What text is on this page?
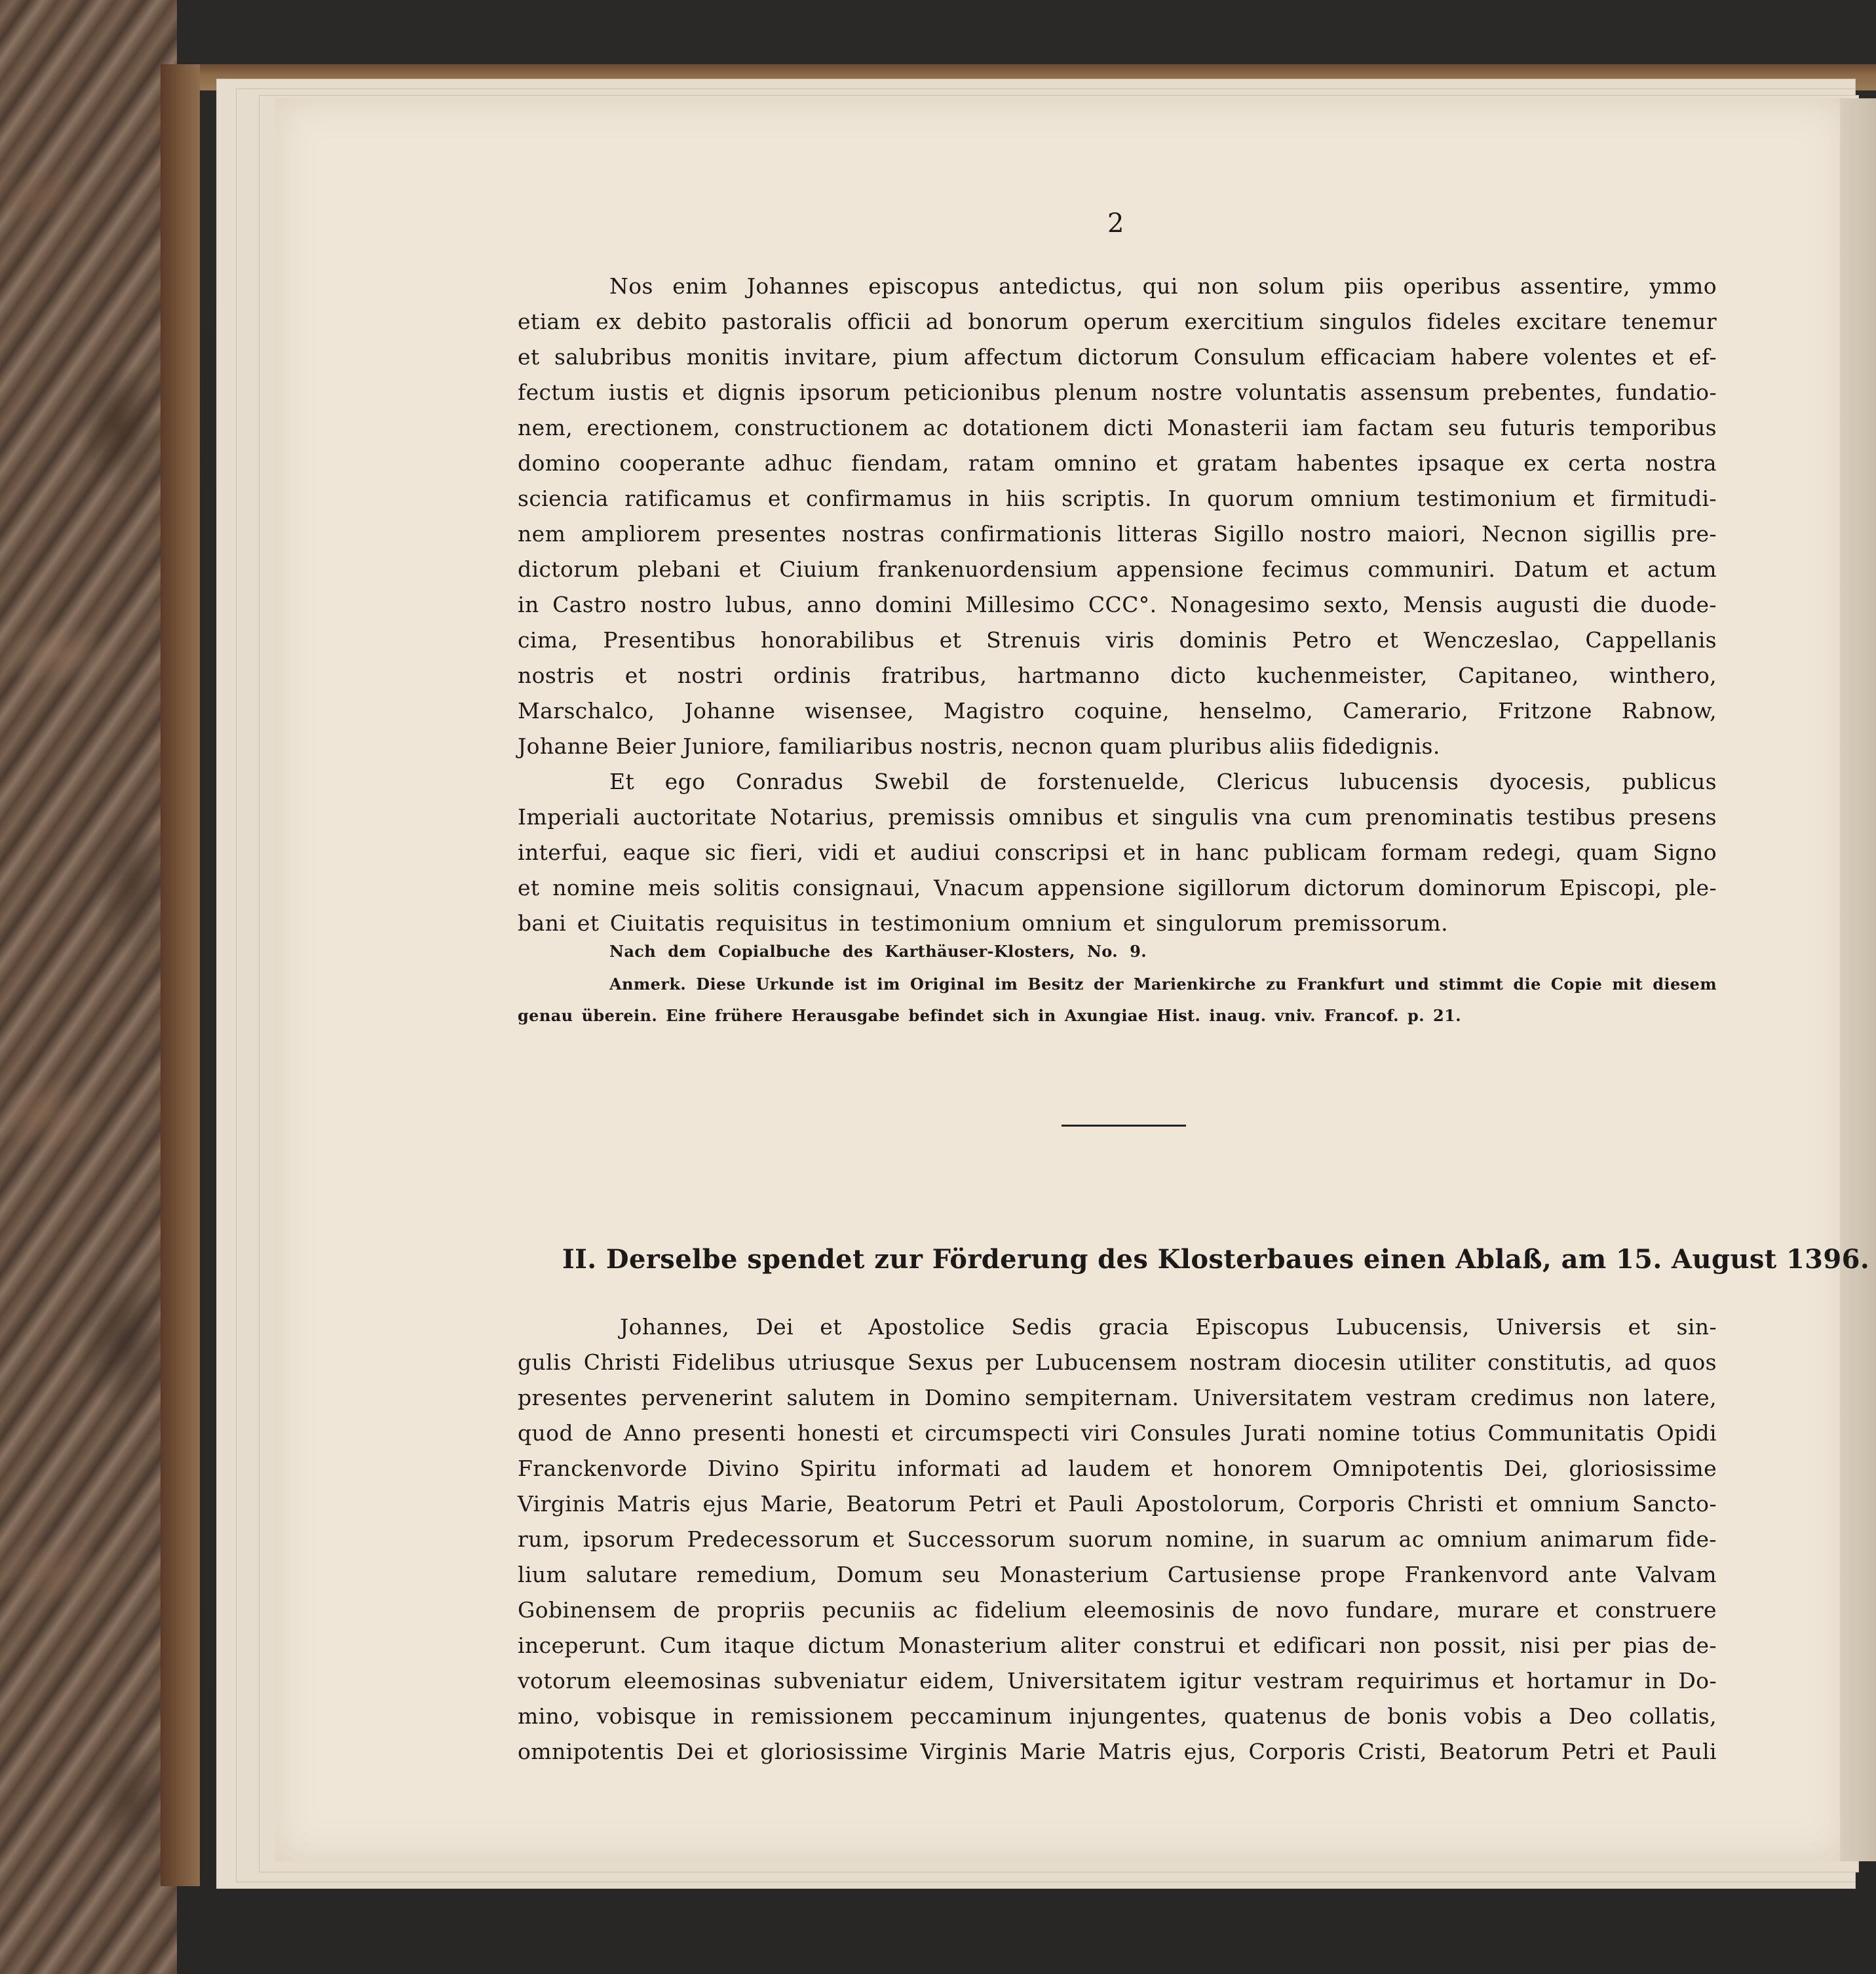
2
Nos enim Johannes episcopus antedictus, qui non solum piis operibus assentire, ymmo
etiam ex debito pastoralis officii ad bonorum operum exercitium singulos fideles excitare tenemur
et salubribus monitis invitare, pium affectum dictorum Consulum efficaciam habere volentes et ef-
fectum iustis et dignis ipsorum peticionibus plenum nostre voluntatis assensum prebentes, fundatio-
nem, erectionem, constructionem ac dotationem dicti Monasterii iam factam seu futuris temporibus
domino cooperante adhuc fiendam, ratam omnino et gratam habentes ipsaque ex certa nostra
sciencia ratificamus et confirmamus in hiis scriptis. In quorum omnium testimonium et firmitudi-
nem ampliorem presentes nostras confirmationis litteras Sigillo nostro maiori, Necnon sigillis pre-
dictorum plebani et Ciuium frankenuordensium appensione fecimus communiri. Datum et actum
in Castro nostro lubus, anno domini Millesimo CCC°. Nonagesimo sexto, Mensis augusti die duode-
cima, Presentibus honorabilibus et Strenuis viris dominis Petro et Wenczeslao, Cappellanis
nostris et nostri ordinis fratribus, hartmanno dicto kuchenmeister, Capitaneo, winthero,
Marschalco, Johanne wisensee, Magistro coquine, henselmo, Camerario, Fritzone Rabnow,
Johanne Beier Juniore, familiaribus nostris, necnon quam pluribus aliis fidedignis.
Et ego Conradus Swebil de forstenuelde, Clericus lubucensis dyocesis, publicus
Imperiali auctoritate Notarius, premissis omnibus et singulis vna cum prenominatis testibus presens
interfui, eaque sic fieri, vidi et audiui conscripsi et in hanc publicam formam redegi, quam Signo
et nomine meis solitis consignaui, Vnacum appensione sigillorum dictorum dominorum Episcopi, ple-
bani et Ciuitatis requisitus in testimonium omnium et singulorum premissorum.
Nach dem Copialbuche des Karthäuser-Klosters, No. 9.
Anmerk. Diese Urkunde ist im Original im Besitz der Marienkirche zu Frankfurt und stimmt die Copie mit diesem
genau überein. Eine frühere Herausgabe befindet sich in Axungiae Hist. inaug. vniv. Francof. p. 21.
II. Derselbe spendet zur Förderung des Klosterbaues einen Ablaß, am 15. August 1396.
Johannes, Dei et Apostolice Sedis gracia Episcopus Lubucensis, Universis et sin-
gulis Christi Fidelibus utriusque Sexus per Lubucensem nostram diocesin utiliter constitutis, ad quos
presentes pervenerint salutem in Domino sempiternam. Universitatem vestram credimus non latere,
quod de Anno presenti honesti et circumspecti viri Consules Jurati nomine totius Communitatis Opidi
Franckenvorde Divino Spiritu informati ad laudem et honorem Omnipotentis Dei, gloriosissime
Virginis Matris ejus Marie, Beatorum Petri et Pauli Apostolorum, Corporis Christi et omnium Sancto-
rum, ipsorum Predecessorum et Successorum suorum nomine, in suarum ac omnium animarum fide-
lium salutare remedium, Domum seu Monasterium Cartusiense prope Frankenvord ante Valvam
Gobinensem de propriis pecuniis ac fidelium eleemosinis de novo fundare, murare et construere
inceperunt. Cum itaque dictum Monasterium aliter construi et edificari non possit, nisi per pias de-
votorum eleemosinas subveniatur eidem, Universitatem igitur vestram requirimus et hortamur in Do-
mino, vobisque in remissionem peccaminum injungentes, quatenus de bonis vobis a Deo collatis,
omnipotentis Dei et gloriosissime Virginis Marie Matris ejus, Corporis Cristi, Beatorum Petri et Pauli
